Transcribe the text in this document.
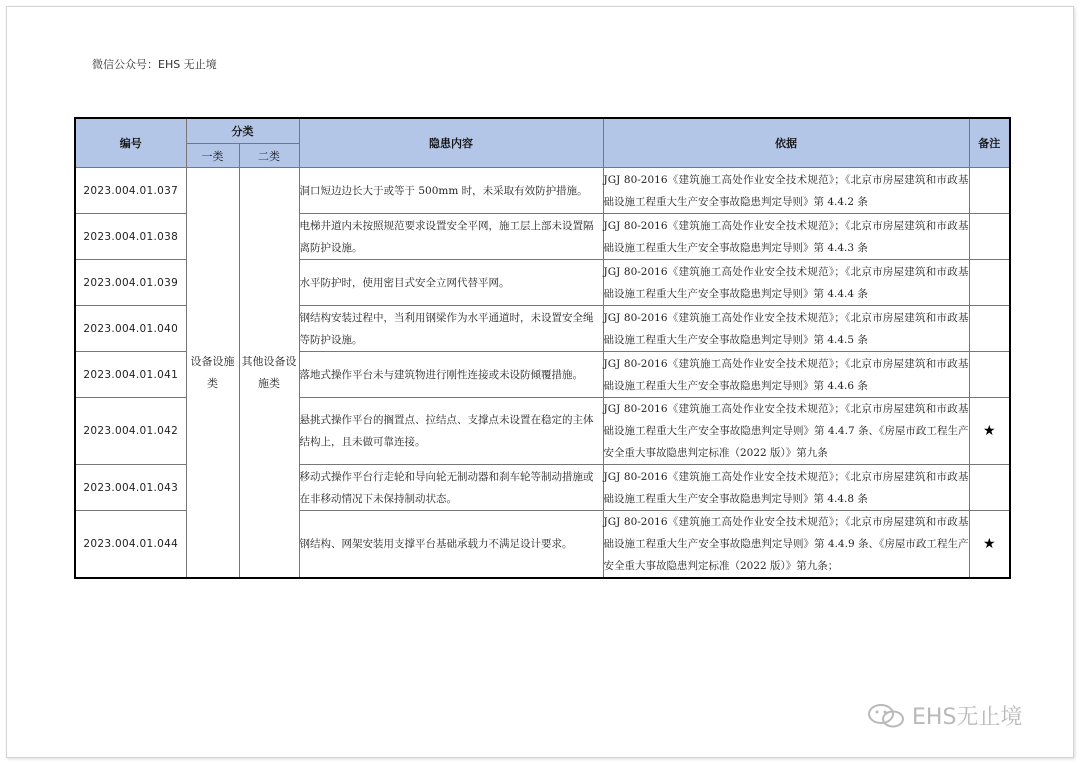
微信公众号：EHS 无止境
编号	分类		隐患内容	依据	备注
	一类	二类			
2023.004.01.037	设备设施类	其他设备设施类	洞口短边边长大于或等于 500mm 时，未采取有效防护措施。	JGJ 80-2016《建筑施工高处作业安全技术规范》；《北京市房屋建筑和市政基础设施工程重大生产安全事故隐患判定导则》第 4.4.2 条	
2023.004.01.038			电梯井道内未按照规范要求设置安全平网，施工层上部未设置隔离防护设施。	JGJ 80-2016《建筑施工高处作业安全技术规范》；《北京市房屋建筑和市政基础设施工程重大生产安全事故隐患判定导则》第 4.4.3 条	
2023.004.01.039			水平防护时，使用密目式安全立网代替平网。	JGJ 80-2016《建筑施工高处作业安全技术规范》；《北京市房屋建筑和市政基础设施工程重大生产安全事故隐患判定导则》第 4.4.4 条	
2023.004.01.040			钢结构安装过程中，当利用钢梁作为水平通道时，未设置安全绳等防护设施。	JGJ 80-2016《建筑施工高处作业安全技术规范》；《北京市房屋建筑和市政基础设施工程重大生产安全事故隐患判定导则》第 4.4.5 条	
2023.004.01.041			落地式操作平台未与建筑物进行刚性连接或未设防倾覆措施。	JGJ 80-2016《建筑施工高处作业安全技术规范》；《北京市房屋建筑和市政基础设施工程重大生产安全事故隐患判定导则》第 4.4.6 条	
2023.004.01.042			悬挑式操作平台的搁置点、拉结点、支撑点未设置在稳定的主体结构上，且未做可靠连接。	JGJ 80-2016《建筑施工高处作业安全技术规范》；《北京市房屋建筑和市政基础设施工程重大生产安全事故隐患判定导则》第 4.4.7 条、《房屋市政工程生产安全重大事故隐患判定标准（2022 版）》第九条	★
2023.004.01.043			移动式操作平台行走轮和导向轮无制动器和刹车轮等制动措施或在非移动情况下未保持制动状态。	JGJ 80-2016《建筑施工高处作业安全技术规范》；《北京市房屋建筑和市政基础设施工程重大生产安全事故隐患判定导则》第 4.4.8 条	
2023.004.01.044			钢结构、网架安装用支撑平台基础承载力不满足设计要求。	JGJ 80-2016《建筑施工高处作业安全技术规范》；《北京市房屋建筑和市政基础设施工程重大生产安全事故隐患判定导则》第 4.4.9 条、《房屋市政工程生产安全重大事故隐患判定标准（2022 版）》第九条；	★
EHS无止境
